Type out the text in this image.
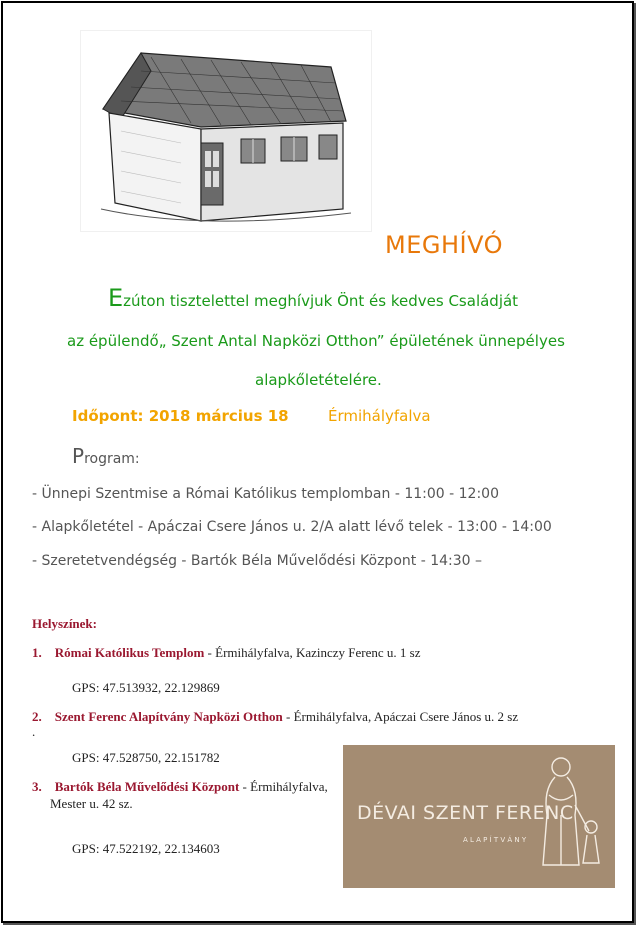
MEGHÍVÓ
Ezúton tisztelettel meghívjuk Önt és kedves Családját
az épülendő„ Szent Antal Napközi Otthon” épületének ünnepélyes
alapkőletételére.
Időpont: 2018 március 18	Érmihályfalva
Program:
- Ünnepi Szentmise a Római Katólikus templomban - 11:00 - 12:00
- Alapkőletétel - Apáczai Csere János u. 2/A alatt lévő telek - 13:00 - 14:00
- Szeretetvendégség - Bartók Béla Művelődési Központ - 14:30 –
Helyszínek:
1. Római Katólikus Templom - Érmihályfalva, Kazinczy Ferenc u. 1 sz
GPS: 47.513932, 22.129869
2. Szent Ferenc Alapítvány Napközi Otthon - Érmihályfalva, Apáczai Csere János u. 2 sz
.
GPS: 47.528750, 22.151782
3. Bartók Béla Művelődési Központ - Érmihályfalva,
Mester u. 42 sz.
GPS: 47.522192, 22.134603
DÉVAI SZENT FERENC
A L A P Í T V Á N Y
